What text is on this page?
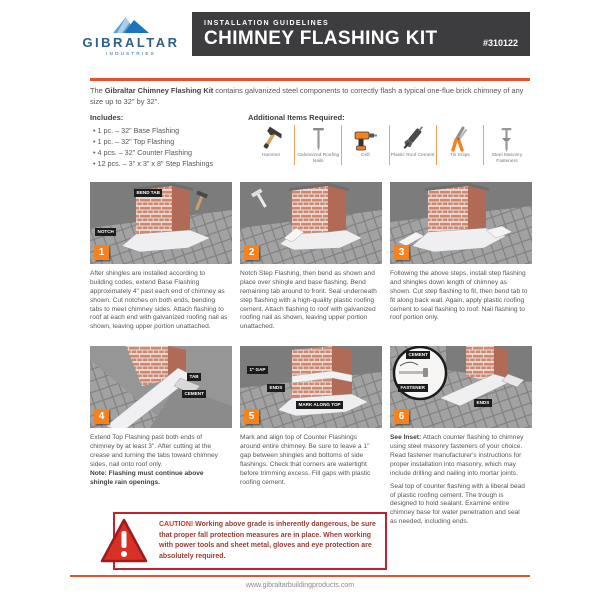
GIBRALTAR
INDUSTRIES
INSTALLATION GUIDELINES
CHIMNEY FLASHING KIT	#310122

The Gibraltar Chimney Flashing Kit contains galvanized steel components to correctly flash a typical one-flue brick chimney of any size up to 32" by 32".

Includes:
• 1 pc. – 32" Base Flashing
• 1 pc. – 32" Top Flashing
• 4 pcs. – 32" Counter Flashing
• 12 pcs. – 3" x 3" x 8" Step Flashings
Additional Items Required:
Hammer	Galvanized Roofing Nails
Drill	Plastic Roof Cement	Tin Snips	Steel Masonry Fasteners
BEND TAB
NOTCH
1
After shingles are installed according to building codes, extend Base Flashing approximately 4" past each end of chimney as shown. Cut notches on both ends, bending tabs to meet chimney sides. Attach flashing to roof at each end with galvanized roofing nail as shown, leaving upper portion unattached.
2
Notch Step Flashing, then bend as shown and place over shingle and base flashing. Bend remaining tab around to front. Seal underneath step flashing with a high-quality plastic roofing cement. Attach flashing to roof with galvanized roofing nail as shown, leaving upper portion unattached.
3
Following the above steps, install step flashing and shingles down length of chimney as shown. Cut step flashing to fit, then bend tab to fit along back wall. Again, apply plastic roofing cement to seal flashing to roof. Nail flashing to roof portion only.
TAB
CEMENT
4
Extend Top Flashing past both ends of chimney by at least 3". After cutting at the crease and turning the tabs toward chimney sides, nail onto roof only.
Note: Flashing must continue above shingle rain openings.
1" GAP
ENDS
MARK ALONG TOP
5
Mark and align top of Counter Flashings around entire chimney. Be sure to leave a 1" gap between shingles and bottoms of side flashings. Check that corners are watertight before trimming excess. Fill gaps with plastic roofing cement.
CEMENT
FASTENER
ENDS
6
See Inset: Attach counter flashing to chimney using steel masonry fasteners of your choice. Read fastener manufacturer's instructions for proper installation into masonry, which may include drilling and nailing into mortar joints.
Seal top of counter flashing with a liberal bead of plastic roofing cement. The trough is designed to hold sealant. Examine entire chimney base for water penetration and seal as needed, including ends.

CAUTION! Working above grade is inherently dangerous, be sure that proper fall protection measures are in place. When working with power tools and sheet metal, gloves and eye protection are absolutely required.

www.gibraltarbuildingproducts.com
